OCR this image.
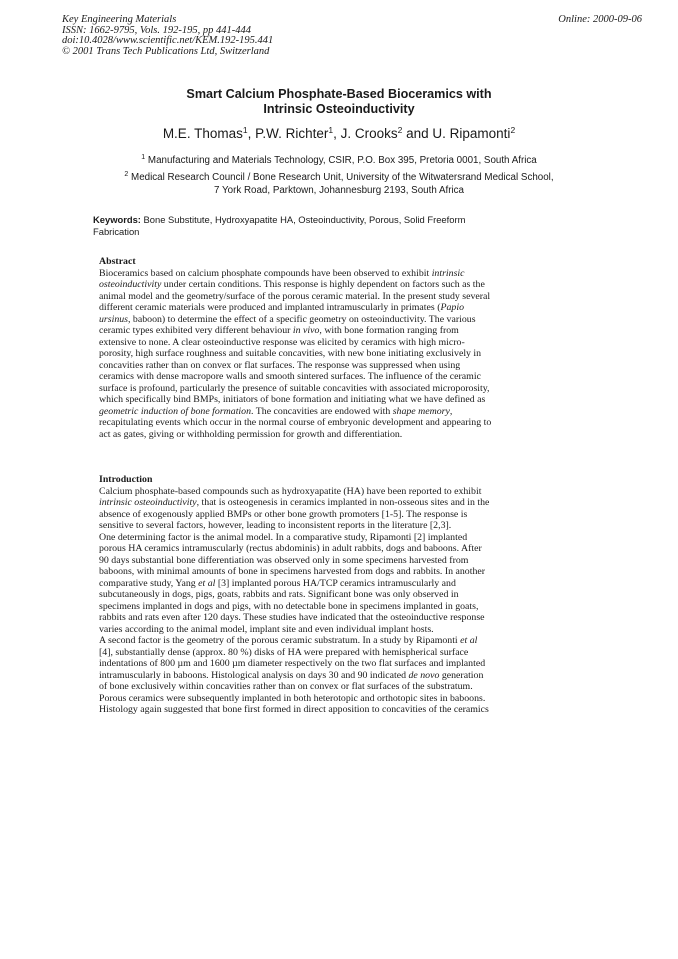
Key Engineering Materials
ISSN: 1662-9795, Vols. 192-195, pp 441-444
doi:10.4028/www.scientific.net/KEM.192-195.441
© 2001 Trans Tech Publications Ltd, Switzerland
Online: 2000-09-06
Smart Calcium Phosphate-Based Bioceramics with
Intrinsic Osteoinductivity
M.E. Thomas$^1$, P.W. Richter$^1$, J. Crooks$^2$ and U. Ripamonti$^2$
$^1$ Manufacturing and Materials Technology, CSIR, P.O. Box 395, Pretoria 0001, South Africa
$^2$ Medical Research Council / Bone Research Unit, University of the Witwatersrand Medical School,
7 York Road, Parktown, Johannesburg 2193, South Africa
Keywords: Bone Substitute, Hydroxyapatite HA, Osteoinductivity, Porous, Solid Freeform
Fabrication
Abstract
Bioceramics based on calcium phosphate compounds have been observed to exhibit intrinsic
osteoinductivity under certain conditions. This response is highly dependent on factors such as the
animal model and the geometry/surface of the porous ceramic material. In the present study several
different ceramic materials were produced and implanted intramuscularly in primates (Papio
ursinus, baboon) to determine the effect of a specific geometry on osteoinductivity. The various
ceramic types exhibited very different behaviour in vivo, with bone formation ranging from
extensive to none. A clear osteoinductive response was elicited by ceramics with high micro-
porosity, high surface roughness and suitable concavities, with new bone initiating exclusively in
concavities rather than on convex or flat surfaces. The response was suppressed when using
ceramics with dense macropore walls and smooth sintered surfaces. The influence of the ceramic
surface is profound, particularly the presence of suitable concavities with associated microporosity,
which specifically bind BMPs, initiators of bone formation and initiating what we have defined as
geometric induction of bone formation. The concavities are endowed with shape memory,
recapitulating events which occur in the normal course of embryonic development and appearing to
act as gates, giving or withholding permission for growth and differentiation.
Introduction
Calcium phosphate-based compounds such as hydroxyapatite (HA) have been reported to exhibit
intrinsic osteoinductivity, that is osteogenesis in ceramics implanted in non-osseous sites and in the
absence of exogenously applied BMPs or other bone growth promoters [1-5]. The response is
sensitive to several factors, however, leading to inconsistent reports in the literature [2,3].
One determining factor is the animal model. In a comparative study, Ripamonti [2] implanted
porous HA ceramics intramuscularly (rectus abdominis) in adult rabbits, dogs and baboons. After
90 days substantial bone differentiation was observed only in some specimens harvested from
baboons, with minimal amounts of bone in specimens harvested from dogs and rabbits. In another
comparative study, Yang et al [3] implanted porous HA/TCP ceramics intramuscularly and
subcutaneously in dogs, pigs, goats, rabbits and rats. Significant bone was only observed in
specimens implanted in dogs and pigs, with no detectable bone in specimens implanted in goats,
rabbits and rats even after 120 days. These studies have indicated that the osteoinductive response
varies according to the animal model, implant site and even individual implant hosts.
A second factor is the geometry of the porous ceramic substratum. In a study by Ripamonti et al
[4], substantially dense (approx. 80 %) disks of HA were prepared with hemispherical surface
indentations of 800 µm and 1600 µm diameter respectively on the two flat surfaces and implanted
intramuscularly in baboons. Histological analysis on days 30 and 90 indicated de novo generation
of bone exclusively within concavities rather than on convex or flat surfaces of the substratum.
Porous ceramics were subsequently implanted in both heterotopic and orthotopic sites in baboons.
Histology again suggested that bone first formed in direct apposition to concavities of the ceramics
